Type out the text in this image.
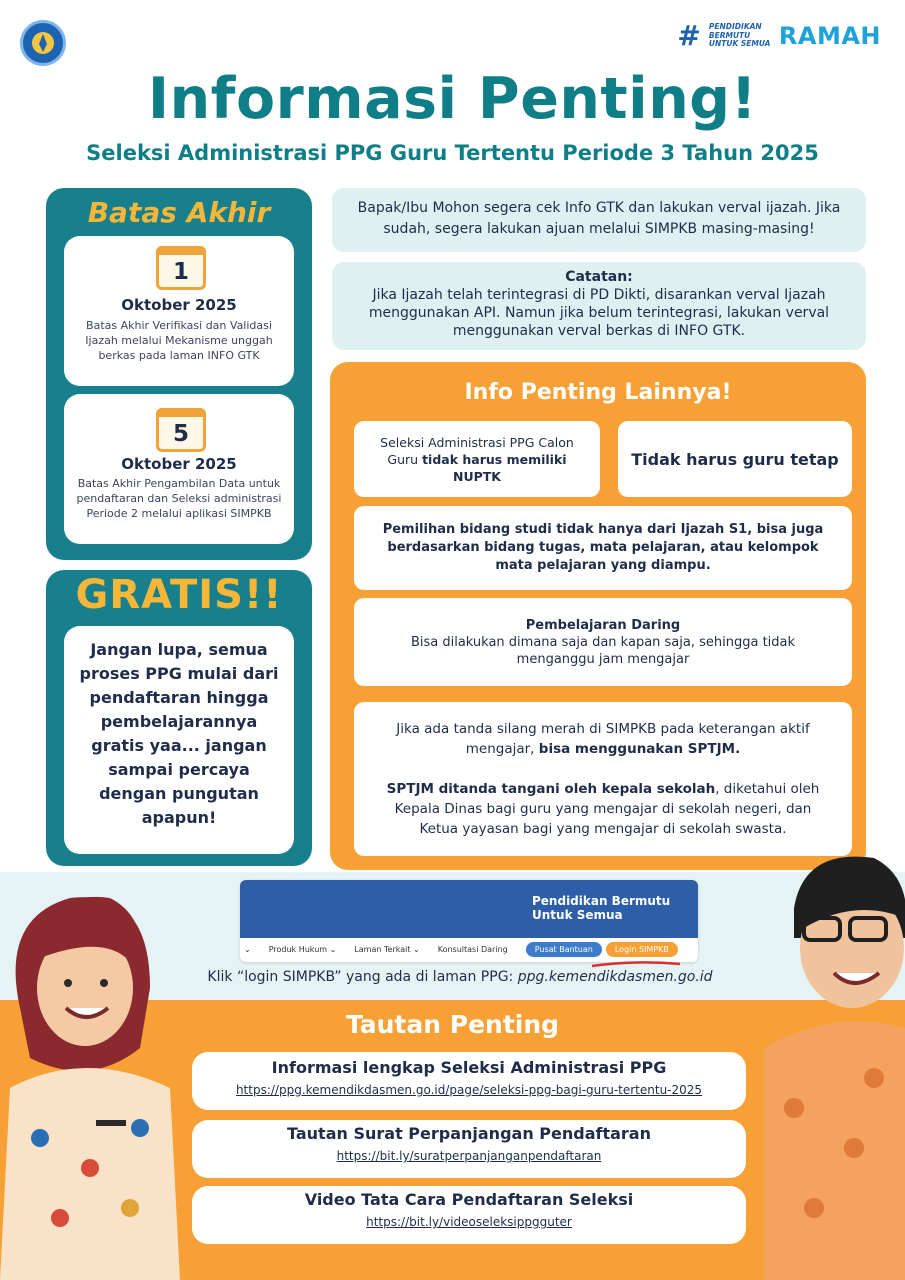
# PENDIDIKAN BERMUTU UNTUK SEMUA RAMAH
Informasi Penting!
Seleksi Administrasi PPG Guru Tertentu Periode 3 Tahun 2025
Batas Akhir
1
Oktober 2025
Batas Akhir Verifikasi dan Validasi Ijazah melalui Mekanisme unggah berkas pada laman INFO GTK
5
Oktober 2025
Batas Akhir Pengambilan Data untuk pendaftaran dan Seleksi administrasi Periode 2 melalui aplikasi SIMPKB
GRATIS!!
Jangan lupa, semua proses PPG mulai dari pendaftaran hingga pembelajarannya gratis yaa... jangan sampai percaya dengan pungutan apapun!
Bapak/Ibu Mohon segera cek Info GTK dan lakukan verval ijazah. Jika sudah, segera lakukan ajuan melalui SIMPKB masing-masing!
Catatan:
Jika Ijazah telah terintegrasi di PD Dikti, disarankan verval Ijazah menggunakan API. Namun jika belum terintegrasi, lakukan verval menggunakan verval berkas di INFO GTK.
Info Penting Lainnya!
Seleksi Administrasi PPG Calon Guru tidak harus memiliki NUPTK
Tidak harus guru tetap
Pemilihan bidang studi tidak hanya dari Ijazah S1, bisa juga berdasarkan bidang tugas, mata pelajaran, atau kelompok mata pelajaran yang diampu.
Pembelajaran Daring
Bisa dilakukan dimana saja dan kapan saja, sehingga tidak menganggu jam mengajar
Jika ada tanda silang merah di SIMPKB pada keterangan aktif mengajar, bisa menggunakan SPTJM.
SPTJM ditanda tangani oleh kepala sekolah, diketahui oleh Kepala Dinas bagi guru yang mengajar di sekolah negeri, dan Ketua yayasan bagi yang mengajar di sekolah swasta.
Pendidikan Bermutu Untuk Semua
⌄ Produk Hukum ⌄ Laman Terkait ⌄ Konsultasi Daring	Pusat Bantuan	Login SIMPKB
Klik “login SIMPKB” yang ada di laman PPG: ppg.kemendikdasmen.go.id
Tautan Penting
Informasi lengkap Seleksi Administrasi PPG
https://ppg.kemendikdasmen.go.id/page/seleksi-ppg-bagi-guru-tertentu-2025
Tautan Surat Perpanjangan Pendaftaran
https://bit.ly/suratperpanjanganpendaftaran
Video Tata Cara Pendaftaran Seleksi
https://bit.ly/videoseleksippgguter
